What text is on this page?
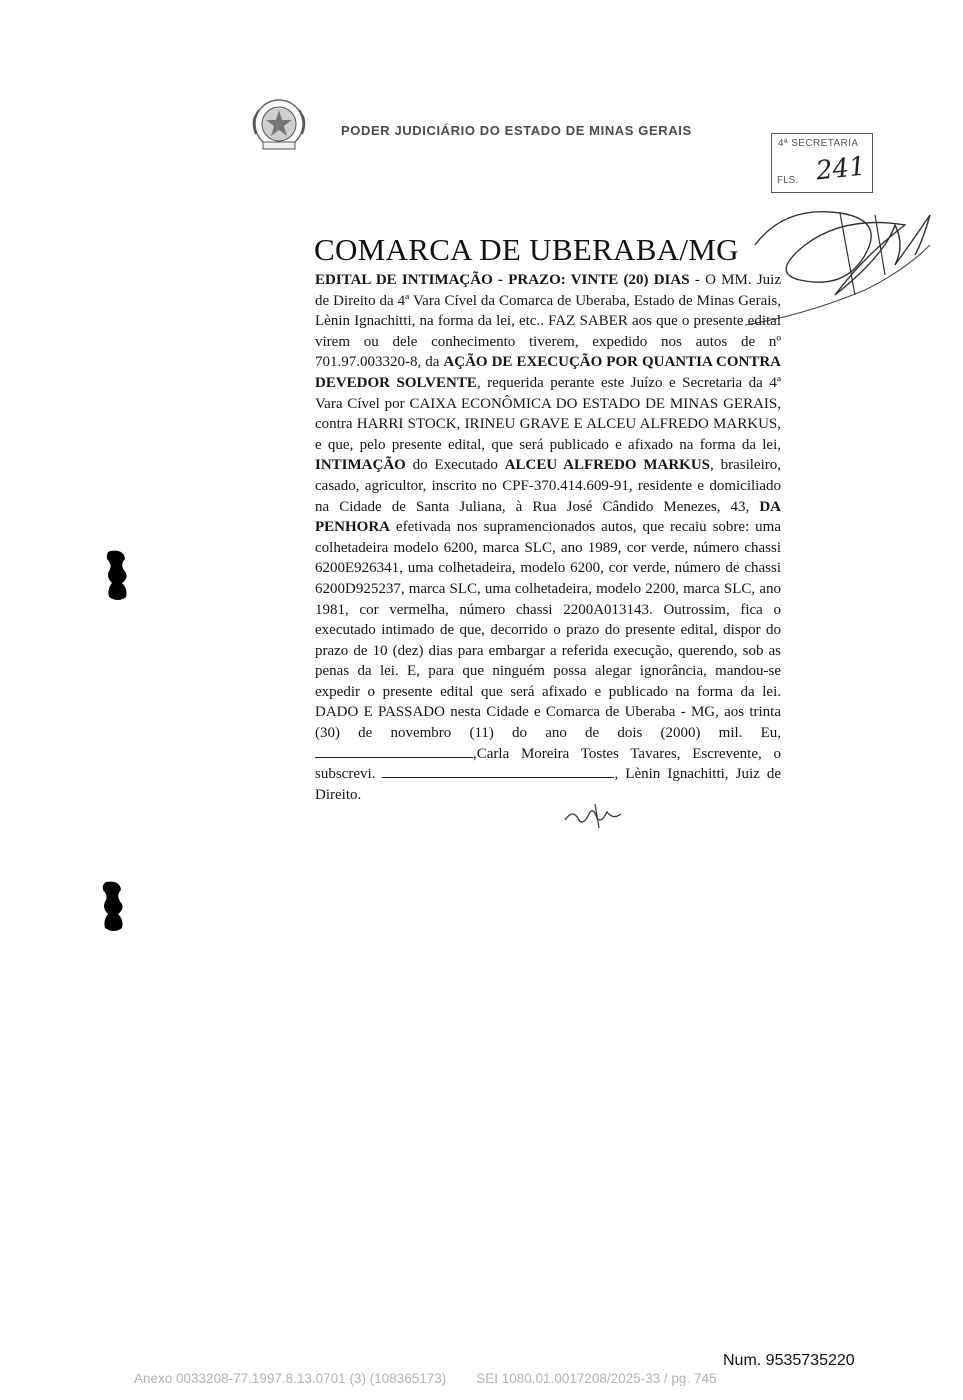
PODER JUDICIÁRIO DO ESTADO DE MINAS GERAIS
4ª SECRETARIA
FLS. 241
COMARCA DE UBERABA/MG
EDITAL DE INTIMAÇÃO - PRAZO: VINTE (20) DIAS - O MM. Juiz de Direito da 4ª Vara Cível da Comarca de Uberaba, Estado de Minas Gerais, Lènin Ignachitti, na forma da lei, etc.. FAZ SABER aos que o presente edital virem ou dele conhecimento tiverem, expedido nos autos de nº 701.97.003320-8, da AÇÃO DE EXECUÇÃO POR QUANTIA CONTRA DEVEDOR SOLVENTE, requerida perante este Juízo e Secretaria da 4ª Vara Cível por CAIXA ECONÔMICA DO ESTADO DE MINAS GERAIS, contra HARRI STOCK, IRINEU GRAVE E ALCEU ALFREDO MARKUS, e que, pelo presente edital, que será publicado e afixado na forma da lei, INTIMAÇÃO do Executado ALCEU ALFREDO MARKUS, brasileiro, casado, agricultor, inscrito no CPF-370.414.609-91, residente e domiciliado na Cidade de Santa Juliana, à Rua José Cândido Menezes, 43, DA PENHORA efetivada nos supramencionados autos, que recaiu sobre: uma colhetadeira modelo 6200, marca SLC, ano 1989, cor verde, número chassi 6200E926341, uma colhetadeira, modelo 6200, cor verde, número de chassi 6200D925237, marca SLC, uma colhetadeira, modelo 2200, marca SLC, ano 1981, cor vermelha, número chassi 2200A013143. Outrossim, fica o executado intimado de que, decorrido o prazo do presente edital, dispor do prazo de 10 (dez) dias para embargar a referida execução, querendo, sob as penas da lei. E, para que ninguém possa alegar ignorância, mandou-se expedir o presente edital que será afixado e publicado na forma da lei. DADO E PASSADO nesta Cidade e Comarca de Uberaba - MG, aos trinta (30) de novembro (11) do ano de dois (2000) mil. Eu, ,Carla Moreira Tostes Tavares, Escrevente, o subscrevi.	, Lènin Ignachitti, Juiz de Direito.
Num. 9535735220
Anexo 0033208-77.1997.8.13.0701 (3) (108365173)        SEI 1080.01.0017208/2025-33 / pg. 745
